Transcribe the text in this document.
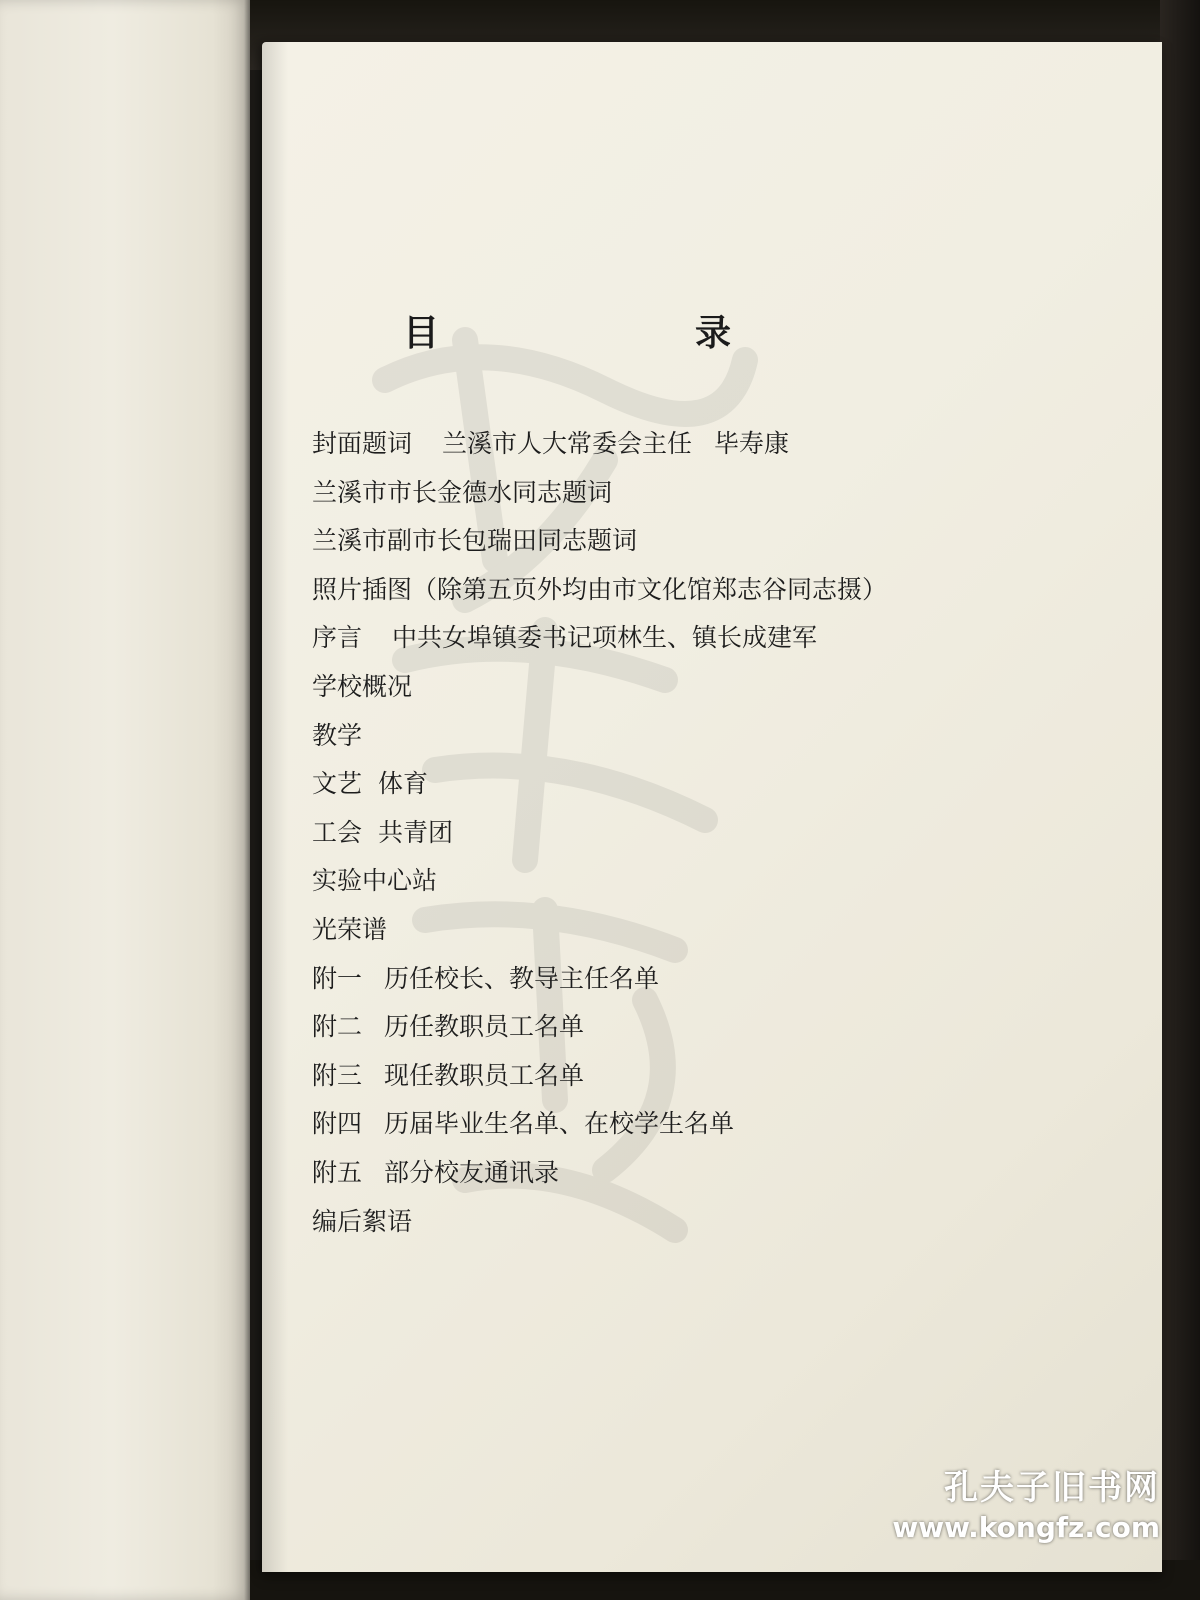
目　录
封面题词 兰溪市人大常委会主任 毕寿康
兰溪市市长金德水同志题词
兰溪市副市长包瑞田同志题词
照片插图（除第五页外均由市文化馆郑志谷同志摄）
序言 中共女埠镇委书记项林生、镇长成建军
学校概况
教学
文艺 体育
工会 共青团
实验中心站
光荣谱
附一 历任校长、教导主任名单
附二 历任教职员工名单
附三 现任教职员工名单
附四 历届毕业生名单、在校学生名单
附五 部分校友通讯录
编后絮语

孔夫子旧书网

www.kongfz.com
